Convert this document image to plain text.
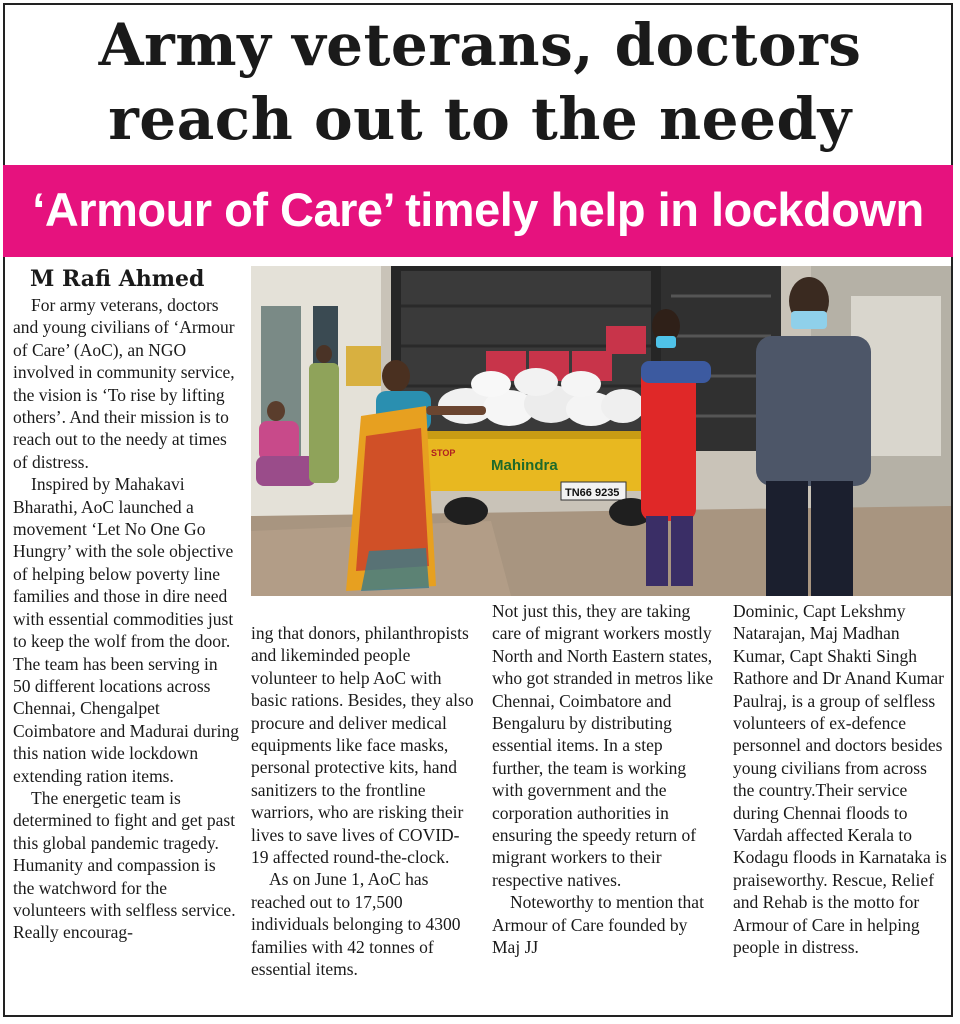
Army veterans, doctors reach out to the needy
‘Armour of Care’ timely help in lockdown
M Rafi Ahmed

For army veterans, doctors and young civilians of ‘Armour of Care’ (AoC), an NGO involved in community service, the vision is ‘To rise by lifting others’. And their mission is to reach out to the needy at times of distress.

Inspired by Mahakavi Bharathi, AoC launched a movement ‘Let No One Go Hungry’ with the sole objective of helping below poverty line families and those in dire need with essential commodities just to keep the wolf from the door. The team has been serving in 50 different locations across Chennai, Chengalpet Coimbatore and Madurai during this nation wide lockdown extending ration items.

The energetic team is determined to fight and get past this global pandemic tragedy. Humanity and compassion is the watchword for the volunteers with selfless service. Really encourag-

ing that donors, philanthropists and likeminded people volunteer to help AoC with basic rations. Besides, they also procure and deliver medical equipments like face masks, personal protective kits, hand sanitizers to the frontline warriors, who are risking their lives to save lives of COVID-19 affected round-the-clock.

As on June 1, AoC has reached out to 17,500 individuals belonging to 4300 families with 42 tonnes of essential items.

Not just this, they are taking care of migrant workers mostly North and North Eastern states, who got stranded in metros like Chennai, Coimbatore and Bengaluru by distributing essential items. In a step further, the team is working with government and the corporation authorities in ensuring the speedy return of migrant workers to their respective natives.

Noteworthy to mention that Armour of Care founded by Maj JJ

Dominic, Capt Lekshmy Natarajan, Maj Madhan Kumar, Capt Shakti Singh Rathore and Dr Anand Kumar Paulraj, is a group of selfless volunteers of ex-defence personnel and doctors besides young civilians from across the country.Their service during Chennai floods to Vardah affected Kerala to Kodagu floods in Karnataka is praiseworthy. Rescue, Relief and Rehab is the motto for Armour of Care in helping people in distress.

Mahindra
STOP
TN66 9235
